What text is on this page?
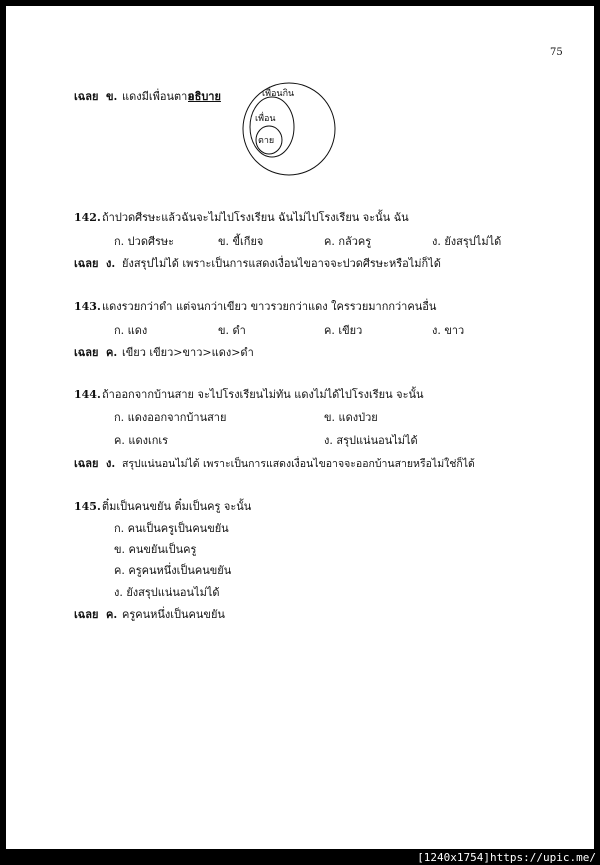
75
เฉลย ข. แดงมีเพื่อนตาย
อธิบาย	เพื่อนกิน
เพื่อน
ตาย
142. ถ้าปวดศีรษะแล้วฉันจะไม่ไปโรงเรียน ฉันไม่ไปโรงเรียน จะนั้น ฉัน
ก. ปวดศีรษะ	ข. ขี้เกียจ	ค. กลัวครู	ง. ยังสรุปไม่ได้
เฉลย ง. ยังสรุปไม่ได้ เพราะเป็นการแสดงเงื่อนไขอาจจะปวดศีรษะหรือไม่ก็ได้
143. แดงรวยกว่าดำ แต่จนกว่าเขียว ขาวรวยกว่าแดง ใครรวยมากกว่าคนอื่น
ก. แดง	ข. ดำ	ค. เขียว	ง. ขาว
เฉลย ค. เขียว เขียว>ขาว>แดง>ดำ
144. ถ้าออกจากบ้านสาย จะไปโรงเรียนไม่ทัน แดงไม่ได้ไปโรงเรียน จะนั้น
ก. แดงออกจากบ้านสาย	ข. แดงป่วย
ค. แดงเกเร	ง. สรุปแน่นอนไม่ได้
เฉลย ง. สรุปแน่นอนไม่ได้ เพราะเป็นการแสดงเงื่อนไขอาจจะออกบ้านสายหรือไม่ใช่ก็ได้
145. ติ๋มเป็นคนขยัน ติ๋มเป็นครู จะนั้น
ก. คนเป็นครูเป็นคนขยัน
ข. คนขยันเป็นครู
ค. ครูคนหนึ่งเป็นคนขยัน
ง. ยังสรุปแน่นอนไม่ได้
เฉลย ค. ครูคนหนึ่งเป็นคนขยัน
[1240x1754]https://upic.me/
